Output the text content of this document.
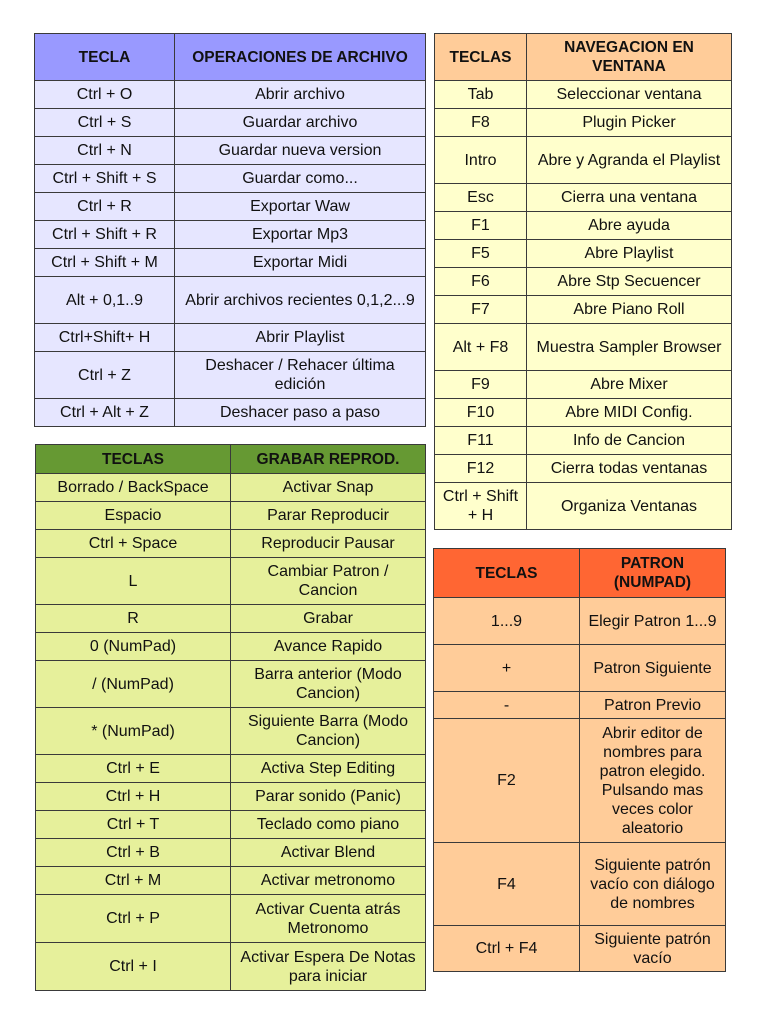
TECLA	OPERACIONES DE ARCHIVO
Ctrl + O	Abrir archivo
Ctrl + S	Guardar archivo
Ctrl + N	Guardar nueva version
Ctrl + Shift + S	Guardar como...
Ctrl + R	Exportar Waw
Ctrl + Shift + R	Exportar Mp3
Ctrl + Shift + M	Exportar Midi
Alt + 0,1..9	Abrir archivos recientes 0,1,2...9
Ctrl+Shift+ H	Abrir Playlist
Ctrl + Z	Deshacer / Rehacer última edición
Ctrl + Alt + Z	Deshacer paso a paso
TECLAS	NAVEGACION EN VENTANA
Tab	Seleccionar ventana
F8	Plugin Picker
Intro	Abre y Agranda el Playlist
Esc	Cierra una ventana
F1	Abre ayuda
F5	Abre Playlist
F6	Abre Stp Secuencer
F7	Abre Piano Roll
Alt + F8	Muestra Sampler Browser
F9	Abre Mixer
F10	Abre MIDI Config.
F11	Info de Cancion
F12	Cierra todas ventanas
Ctrl + Shift + H	Organiza Ventanas
TECLAS	GRABAR REPROD.
Borrado / BackSpace	Activar Snap
Espacio	Parar Reproducir
Ctrl + Space	Reproducir Pausar
L	Cambiar Patron / Cancion
R	Grabar
0 (NumPad)	Avance Rapido
/ (NumPad)	Barra anterior (Modo Cancion)
* (NumPad)	Siguiente Barra (Modo Cancion)
Ctrl + E	Activa Step Editing
Ctrl + H	Parar sonido (Panic)
Ctrl + T	Teclado como piano
Ctrl + B	Activar Blend
Ctrl + M	Activar metronomo
Ctrl + P	Activar Cuenta atrás Metronomo
Ctrl + I	Activar Espera De Notas para iniciar
TECLAS	PATRON (NUMPAD)
1...9	Elegir Patron 1...9
+	Patron Siguiente
-	Patron Previo
F2	Abrir editor de nombres para patron elegido. Pulsando mas veces color aleatorio
F4	Siguiente patrón vacío con diálogo de nombres
Ctrl + F4	Siguiente patrón vacío
